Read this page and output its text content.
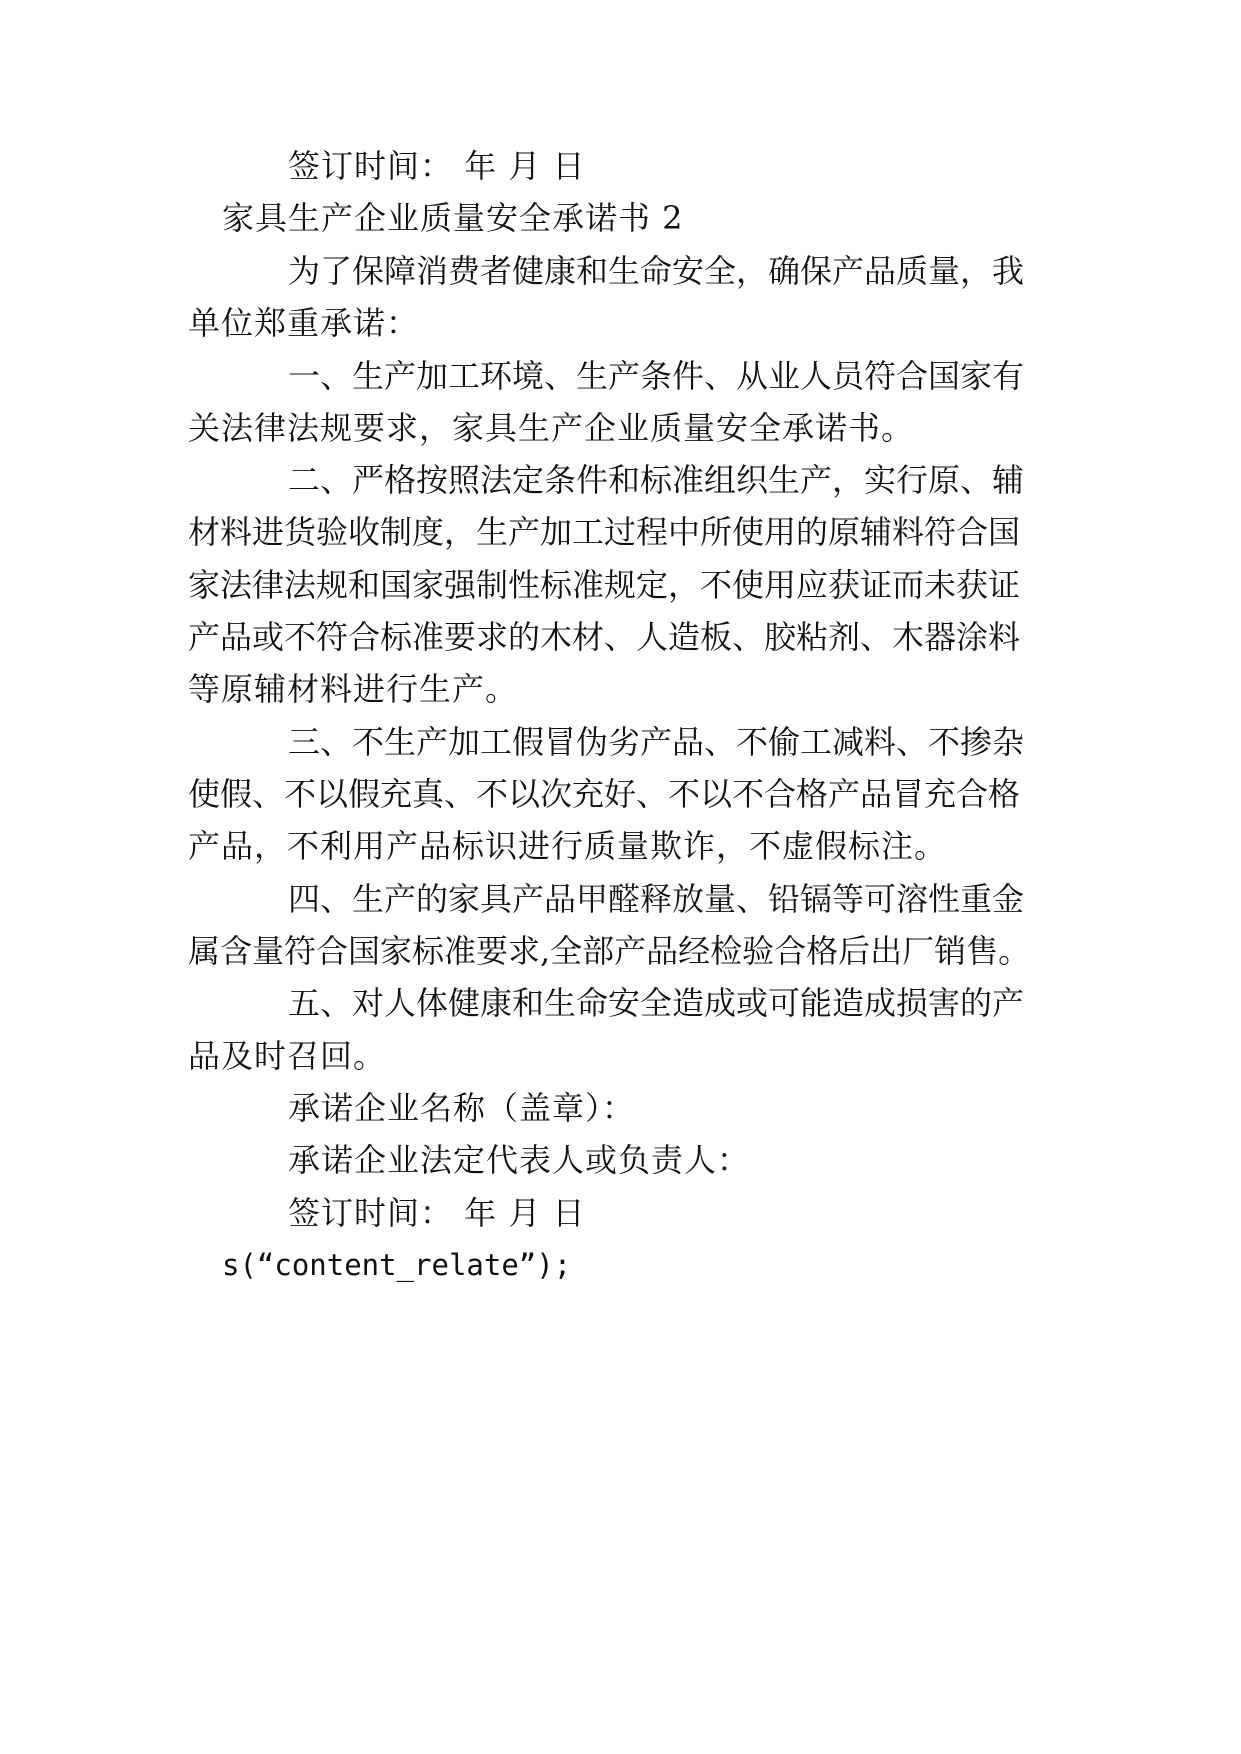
签订时间： 年 月 日
家具生产企业质量安全承诺书 2
为了保障消费者健康和生命安全，确保产品质量，我
单位郑重承诺：
一、生产加工环境、生产条件、从业人员符合国家有
关法律法规要求，家具生产企业质量安全承诺书。
二、严格按照法定条件和标准组织生产，实行原、辅
材料进货验收制度，生产加工过程中所使用的原辅料符合国
家法律法规和国家强制性标准规定，不使用应获证而未获证
产品或不符合标准要求的木材、人造板、胶粘剂、木器涂料
等原辅材料进行生产。
三、不生产加工假冒伪劣产品、不偷工减料、不掺杂
使假、不以假充真、不以次充好、不以不合格产品冒充合格
产品，不利用产品标识进行质量欺诈，不虚假标注。
四、生产的家具产品甲醛释放量、铅镉等可溶性重金
属含量符合国家标准要求,全部产品经检验合格后出厂销售。
五、对人体健康和生命安全造成或可能造成损害的产
品及时召回。
承诺企业名称（盖章）：
承诺企业法定代表人或负责人：
签订时间： 年 月 日
s(“content_relate”);
